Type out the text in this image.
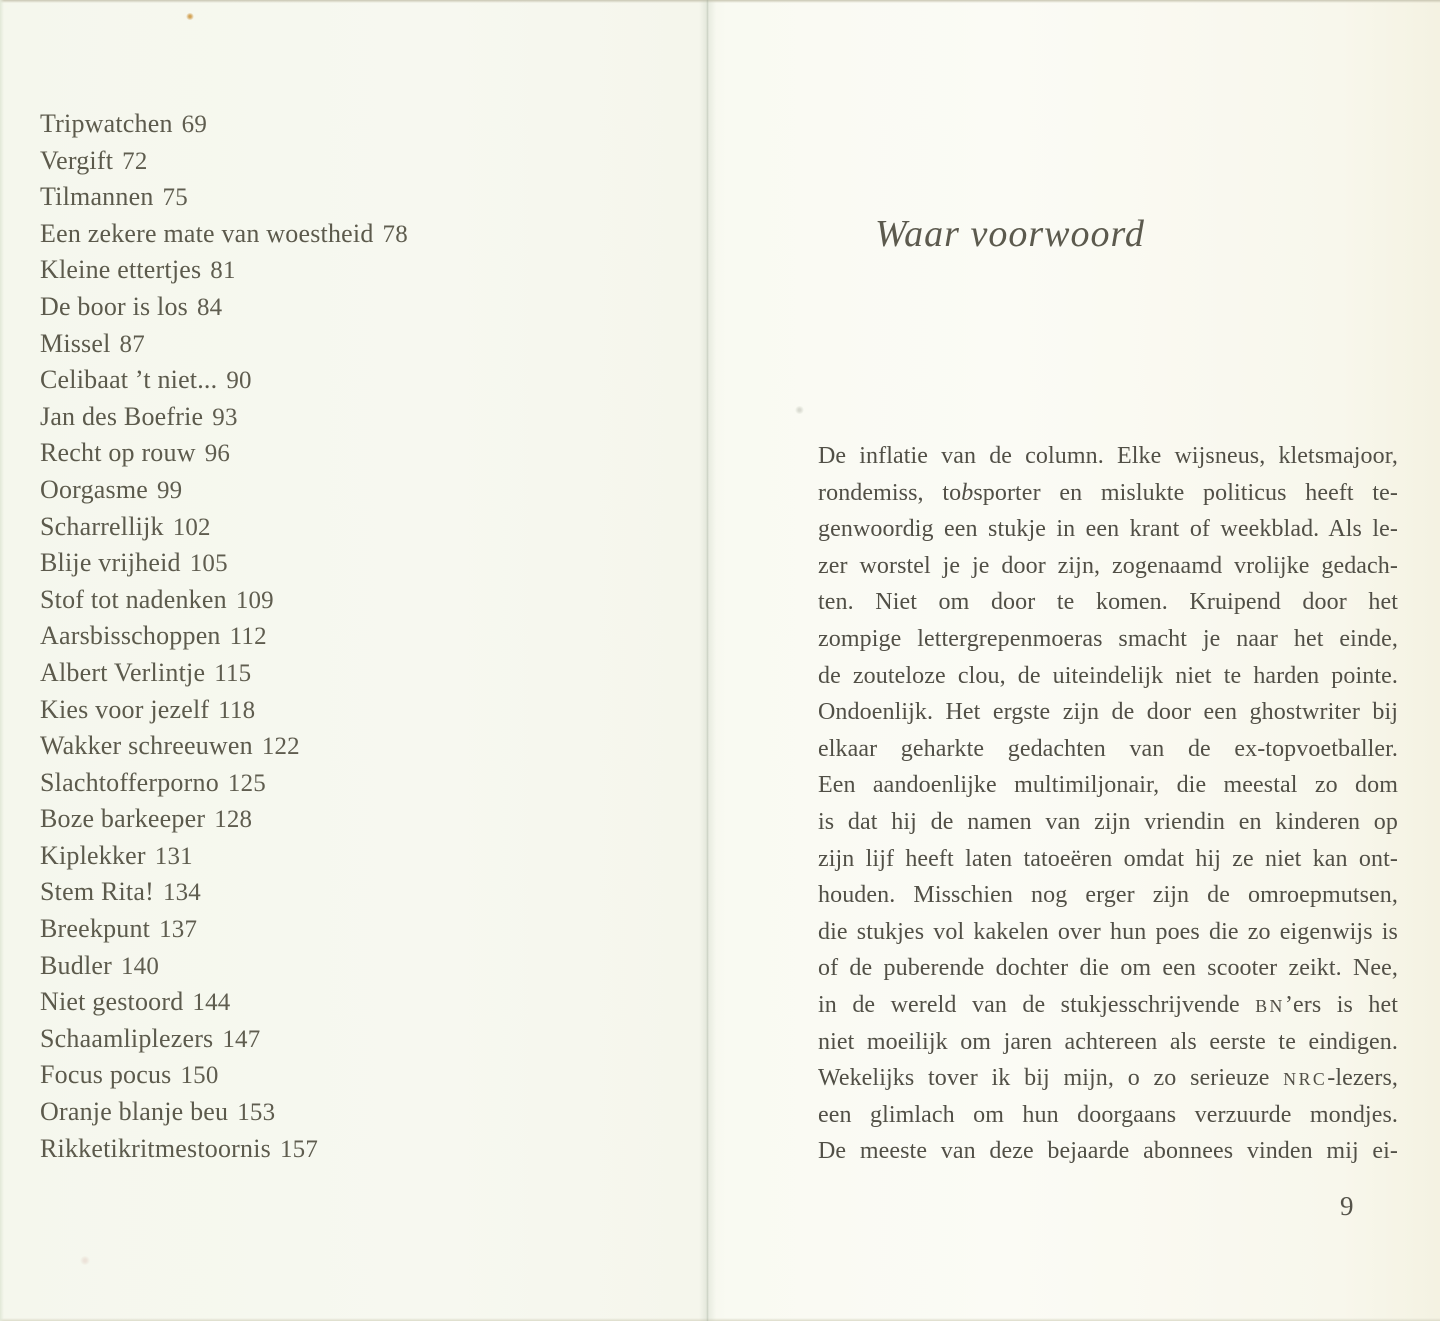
Tripwatchen 69
Vergift 72
Tilmannen 75
Een zekere mate van woestheid 78
Kleine ettertjes 81
De boor is los 84
Missel 87
Celibaat ’t niet... 90
Jan des Boefrie 93
Recht op rouw 96
Oorgasme 99
Scharrellijk 102
Blije vrijheid 105
Stof tot nadenken 109
Aarsbisschoppen 112
Albert Verlintje 115
Kies voor jezelf 118
Wakker schreeuwen 122
Slachtofferporno 125
Boze barkeeper 128
Kiplekker 131
Stem Rita! 134
Breekpunt 137
Budler 140
Niet gestoord 144
Schaamliplezers 147
Focus pocus 150
Oranje blanje beu 153
Rikketikritmestoornis 157
Waar voorwoord
De inflatie van de column. Elke wijsneus, kletsmajoor,
rondemiss, tobsporter en mislukte politicus heeft te-
genwoordig een stukje in een krant of weekblad. Als le-
zer worstel je je door zijn, zogenaamd vrolijke gedach-
ten. Niet om door te komen. Kruipend door het
zompige lettergrepenmoeras smacht je naar het einde,
de zouteloze clou, de uiteindelijk niet te harden pointe.
Ondoenlijk. Het ergste zijn de door een ghostwriter bij
elkaar geharkte gedachten van de ex-topvoetballer.
Een aandoenlijke multimiljonair, die meestal zo dom
is dat hij de namen van zijn vriendin en kinderen op
zijn lijf heeft laten tatoeëren omdat hij ze niet kan ont-
houden. Misschien nog erger zijn de omroepmutsen,
die stukjes vol kakelen over hun poes die zo eigenwijs is
of de puberende dochter die om een scooter zeikt. Nee,
in de wereld van de stukjesschrijvende BN’ers is het
niet moeilijk om jaren achtereen als eerste te eindigen.
Wekelijks tover ik bij mijn, o zo serieuze NRC-lezers,
een glimlach om hun doorgaans verzuurde mondjes.
De meeste van deze bejaarde abonnees vinden mij ei-
9
